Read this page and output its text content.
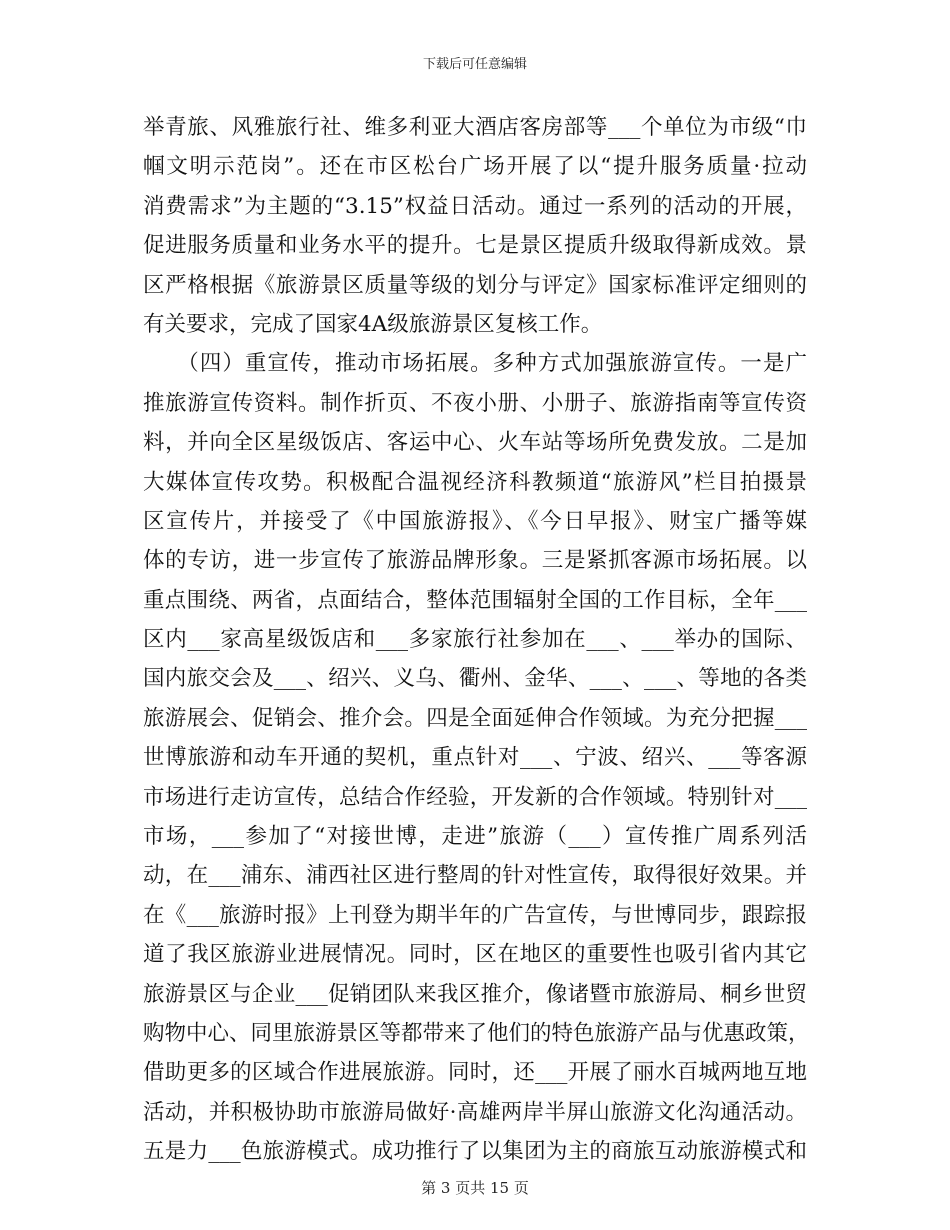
下载后可任意编辑
举青旅、风雅旅行社、维多利亚大酒店客房部等___个单位为市级“巾
帼文明示范岗”。还在市区松台广场开展了以“提升服务质量·拉动
消费需求”为主题的“3.15”权益日活动。通过一系列的活动的开展，
促进服务质量和业务水平的提升。七是景区提质升级取得新成效。景
区严格根据《旅游景区质量等级的划分与评定》国家标准评定细则的
有关要求，完成了国家4A级旅游景区复核工作。
　　（四）重宣传，推动市场拓展。多种方式加强旅游宣传。一是广
推旅游宣传资料。制作折页、不夜小册、小册子、旅游指南等宣传资
料，并向全区星级饭店、客运中心、火车站等场所免费发放。二是加
大媒体宣传攻势。积极配合温视经济科教频道“旅游风”栏目拍摄景
区宣传片，并接受了《中国旅游报》、《今日早报》、财宝广播等媒
体的专访，进一步宣传了旅游品牌形象。三是紧抓客源市场拓展。以
重点围绕、两省，点面结合，整体范围辐射全国的工作目标，全年___
区内___家高星级饭店和___多家旅行社参加在___、___举办的国际、
国内旅交会及___、绍兴、义乌、衢州、金华、___、___、等地的各类
旅游展会、促销会、推介会。四是全面延伸合作领域。为充分把握___
世博旅游和动车开通的契机，重点针对___、宁波、绍兴、___等客源
市场进行走访宣传，总结合作经验，开发新的合作领域。特别针对___
市场，___参加了“对接世博，走进”旅游（___）宣传推广周系列活
动，在___浦东、浦西社区进行整周的针对性宣传，取得很好效果。并
在《___旅游时报》上刊登为期半年的广告宣传，与世博同步，跟踪报
道了我区旅游业进展情况。同时，区在地区的重要性也吸引省内其它
旅游景区与企业___促销团队来我区推介，像诸暨市旅游局、桐乡世贸
购物中心、同里旅游景区等都带来了他们的特色旅游产品与优惠政策，
借助更多的区域合作进展旅游。同时，还___开展了丽水百城两地互地
活动，并积极协助市旅游局做好·高雄两岸半屏山旅游文化沟通活动。
五是力___色旅游模式。成功推行了以集团为主的商旅互动旅游模式和
第 3 页共 15 页
